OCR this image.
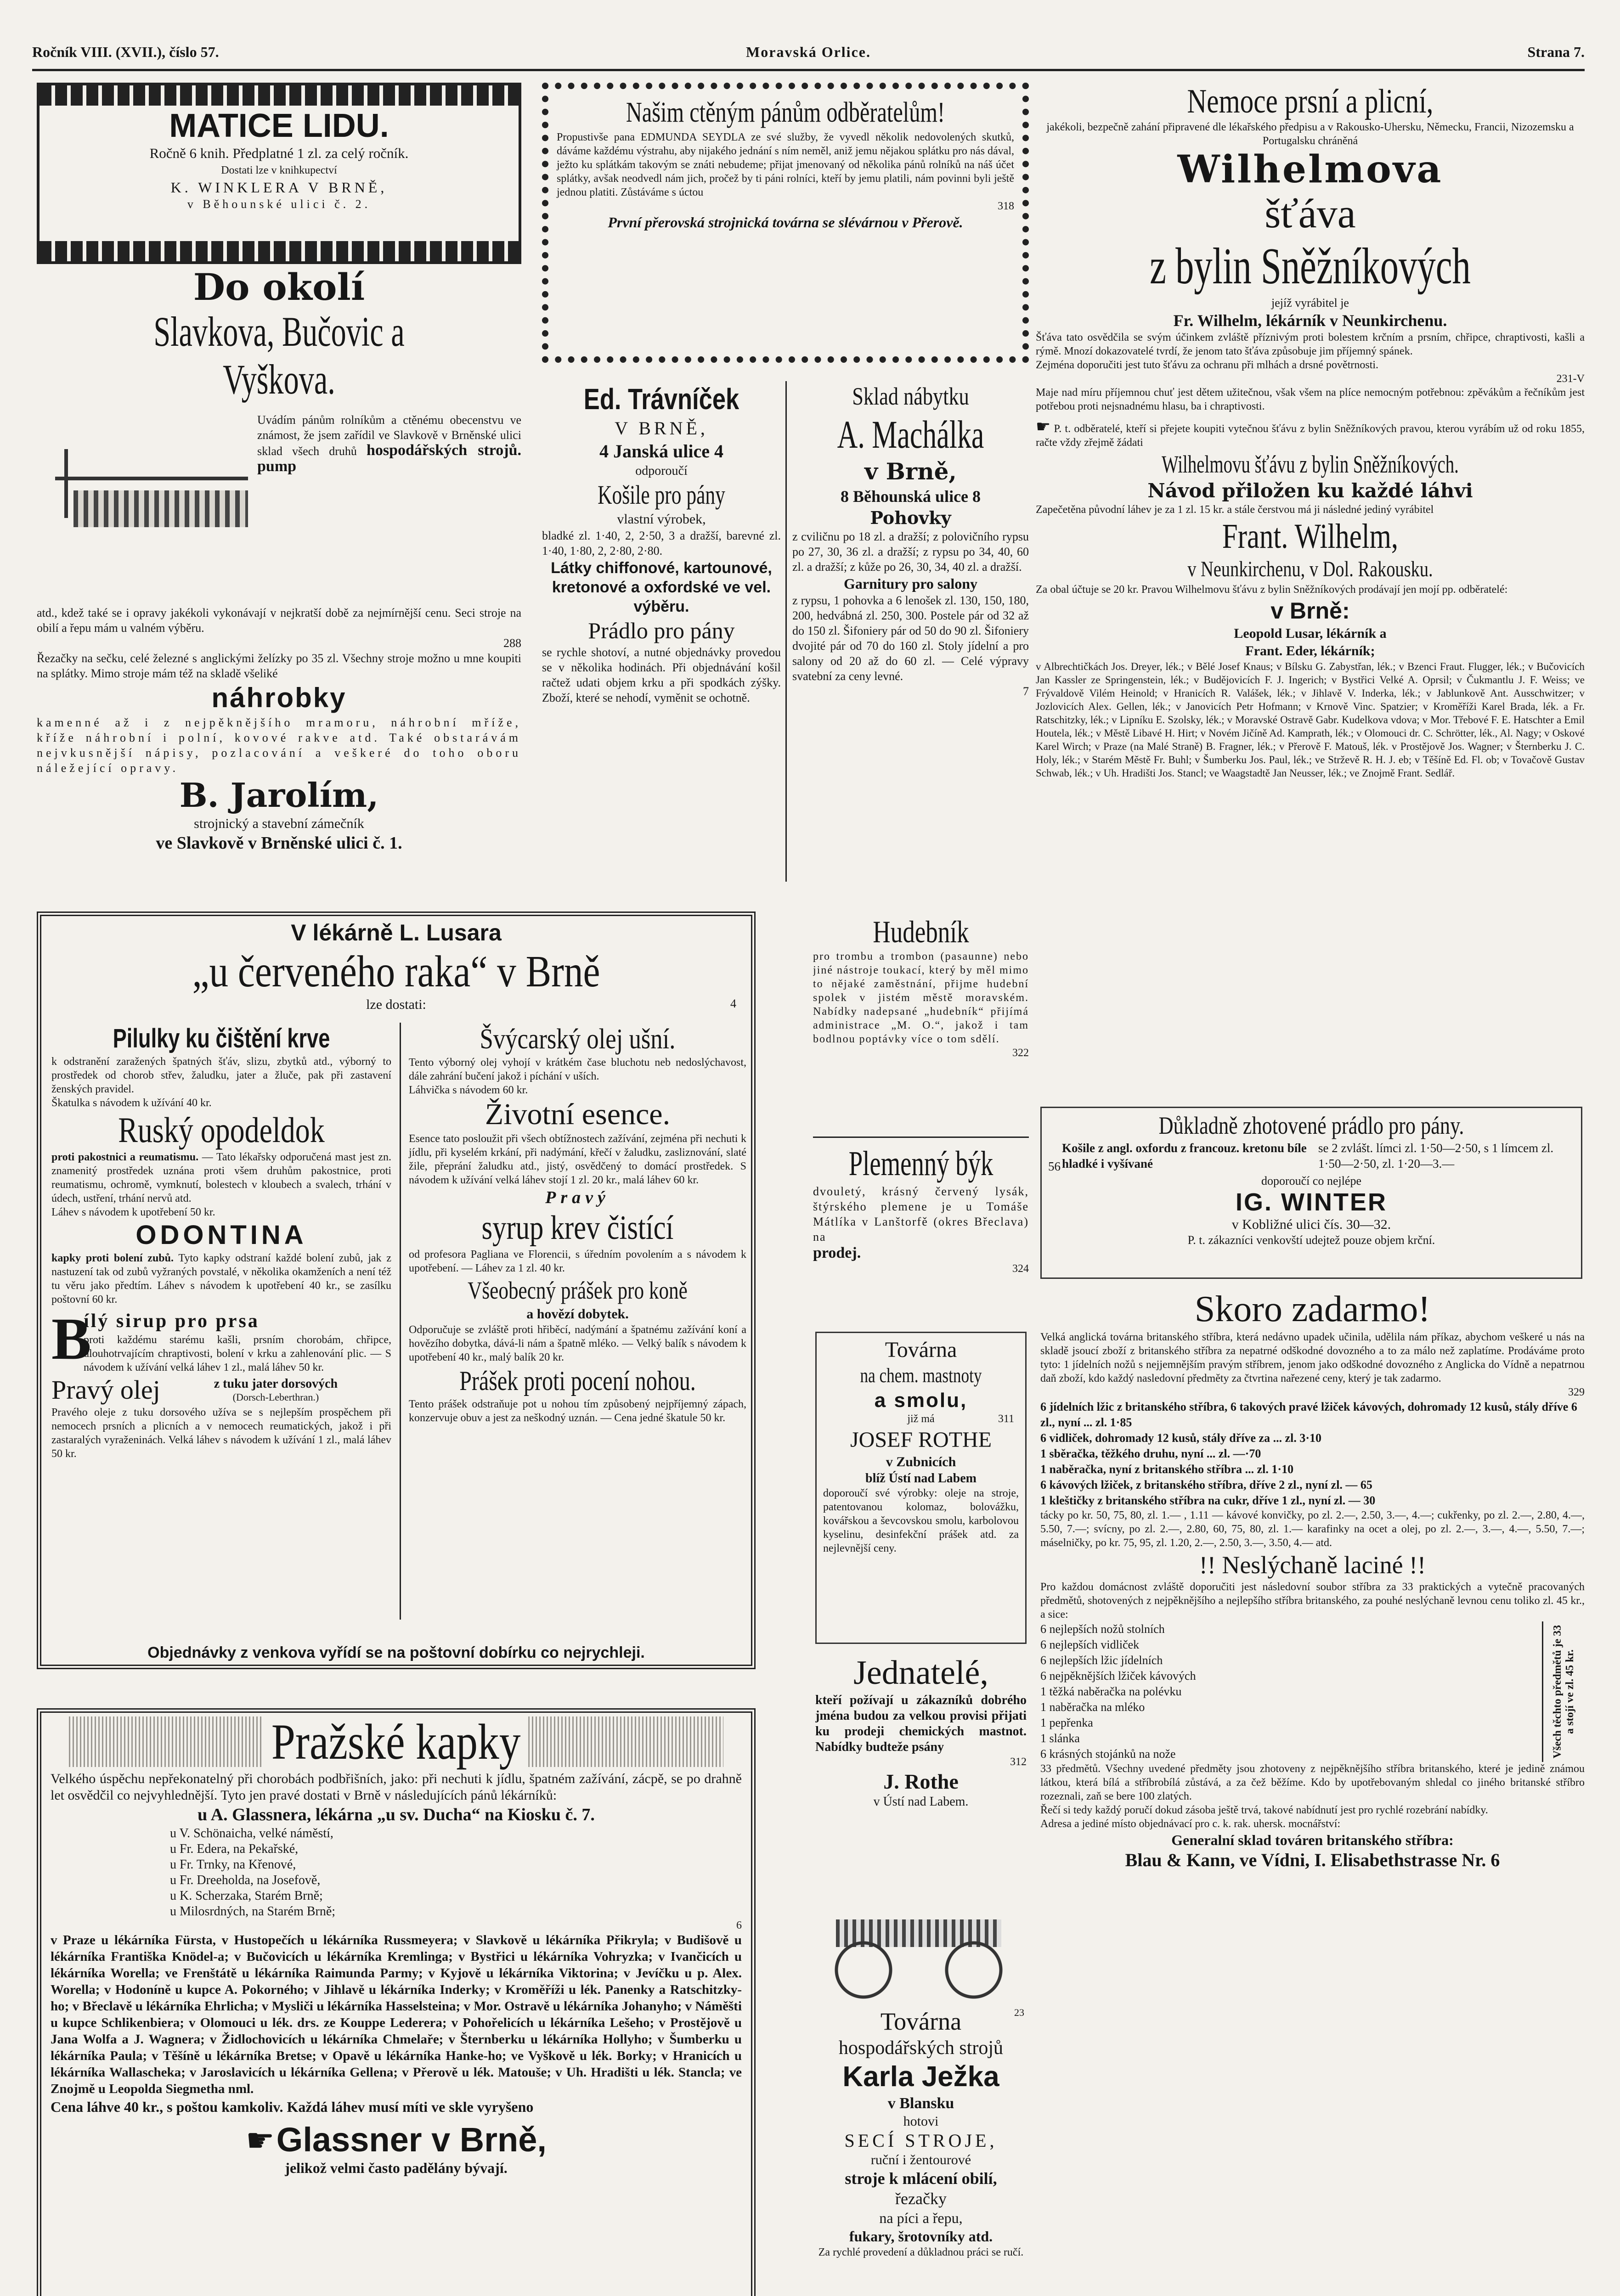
Ročník VIII. (XVII.), číslo 57.	Moravská Orlice.	Strana 7.
MATICE LIDU.
Ročně 6 knih. Předplatné 1 zl. za celý ročník.
Dostati lze v knihkupectví
K. WINKLERA V BRNĚ,
v Běhounské ulici č. 2.
Do okolí
Slavkova, Bučovic a Vyškova.
Uvádím pánům rolníkům a ctěnému obecenstvu ve známost, že jsem zařídil ve Slavkově v Brněnské ulici sklad všech druhů hospodářských strojů. pump
atd., kdež také se i opravy jakékoli vykonávají v nejkratší době za nejmírnější cenu. Seci stroje na obilí a řepu mám u valném výběru.
288
Řezačky na sečku, celé železné s anglickými želízky po 35 zl. Všechny stroje možno u mne koupiti na splátky. Mimo stroje mám též na skladě všeliké
náhrobky
kamenné až i z nejpěknějšího mramoru, náhrobní mříže, kříže náhrobní i polní, kovové rakve atd. Také obstarávám nejvkusnější nápisy, pozlacování a veškeré do toho oboru náležející opravy.
B. Jarolím,
strojnický a stavební zámečník
ve Slavkově v Brněnské ulici č. 1.
Našim ctěným pánům odběratelům!
Propustivše pana EDMUNDA SEYDLA ze své služby, že vyvedl několik nedovolených skutků, dáváme každému výstrahu, aby nijakého jednání s ním neměl, aniž jemu nějakou splátku pro nás dával, ježto ku splátkám takovým se znáti nebudeme; přijat jmenovaný od několika pánů rolníků na náš účet splátky, avšak neodvedl nám jich, pročež by ti páni rolníci, kteří by jemu platili, nám povinni byli ještě jednou platiti. Zůstáváme s úctou
318
První přerovská strojnická továrna se slévárnou v Přerově.
Ed. Trávníček
V BRNĚ,
4 Janská ulice 4
odporoučí
Košile pro pány
vlastní výrobek,
bladké zl. 1·40, 2, 2·50, 3 a dražší, barevné zl. 1·40, 1·80, 2, 2·80, 2·80.
Látky chiffonové, kartounové, kretonové a oxfordské ve vel. výběru.
Prádlo pro pány
se rychle shotoví, a nutné objednávky provedou se v několika hodinách. Při objednávání košil račtež udati objem krku a při spodkách zýšky. Zboží, které se nehodí, vyměnit se ochotně.
Sklad nábytku
A. Machálka
v Brně,
8 Běhounská ulice 8
Pohovky
z cviličnu po 18 zl. a dražší; z polovičního rypsu po 27, 30, 36 zl. a dražší; z rypsu po 34, 40, 60 zl. a dražší; z kůže po 26, 30, 34, 40 zl. a dražší.
Garnitury pro salony
z rypsu, 1 pohovka a 6 lenošek zl. 130, 150, 180, 200, hedvábná zl. 250, 300. Postele pár od 32 až do 150 zl. Šifoniery pár od 50 do 90 zl. Šifoniery dvojité pár od 70 do 160 zl. Stoly jídelní a pro salony od 20 až do 60 zl. — Celé výpravy svatební za ceny levné.
7
Nemoce prsní a plicní,
jakékoli, bezpečně zahání připravené dle lékařského předpisu a v Rakousko-Uhersku, Německu, Francii, Nizozemsku a Portugalsku chráněná
Wilhelmova
šťáva
z bylin Sněžníkových
jejíž vyrábitel je
Fr. Wilhelm, lékárník v Neunkirchenu.
Šťáva tato osvědčila se svým účinkem zvláště příznivým proti bolestem krčním a prsním, chřipce, chraptivosti, kašli a rýmě. Mnozí dokazovatelé tvrdí, že jenom tato šťáva způsobuje jim příjemný spánek.
Zejména doporučiti jest tuto šťávu za ochranu při mlhách a drsné povětrnosti.
231-V
Maje nad míru příjemnou chuť jest dětem užitečnou, však všem na plíce nemocným potřebnou: zpěvákům a řečníkům jest potřebou proti nejsnadnému hlasu, ba i chraptivosti.
☛ P. t. odběratelé, kteří si přejete koupiti vytečnou šťávu z bylin Sněžníkových pravou, kterou vyrábím už od roku 1855, račte vždy zřejmě žádati
Wilhelmovu šťávu z bylin Sněžníkových.
Návod přiložen ku každé láhvi
Zapečetěna původní láhev je za 1 zl. 15 kr. a stále čerstvou má ji následné jediný vyrábitel
Frant. Wilhelm,
v Neunkirchenu, v Dol. Rakousku.
Za obal účtuje se 20 kr. Pravou Wilhelmovu šťávu z bylin Sněžníkových prodávají jen mojí pp. odběratelé:
v Brně:
Leopold Lusar, lékárník a
Frant. Eder, lékárník;
v Albrechtičkách Jos. Dreyer, lék.; v Bělé Josef Knaus; v Bílsku G. Zabystřan, lék.; v Bzenci Fraut. Flugger, lék.; v Bučovicích Jan Kassler ze Springenstein, lék.; v Budějovicích F. J. Ingerich; v Bystřici Velké A. Oprsil; v Čukmantlu J. F. Weiss; ve Frývaldově Vilém Heinold; v Hranicích R. Valášek, lék.; v Jihlavě V. Inderka, lék.; v Jablunkově Ant. Ausschwitzer; v Jozlovicích Alex. Gellen, lék.; v Janovicích Petr Hofmann; v Krnově Vinc. Spatzier; v Kroměříži Karel Brada, lék. a Fr. Ratschitzky, lék.; v Lipníku E. Szolsky, lék.; v Moravské Ostravě Gabr. Kudelkova vdova; v Mor. Třebové F. E. Hatschter a Emil Houtela, lék.; v Městě Libavé H. Hirt; v Novém Jičíně Ad. Kamprath, lék.; v Olomouci dr. C. Schrötter, lék., Al. Nagy; v Oskové Karel Wirch; v Praze (na Malé Straně) B. Fragner, lék.; v Přerově F. Matouš, lék. v Prostějově Jos. Wagner; v Šternberku J. C. Holy, lék.; v Starém Městě Fr. Buhl; v Šumberku Jos. Paul, lék.; ve Strževě R. H. J. eb; v Těšíně Ed. Fl. ob; v Tovačově Gustav Schwab, lék.; v Uh. Hradišti Jos. Stancl; ve Waagstadtě Jan Neusser, lék.; ve Znojmě Frant. Sedlář.
V lékárně L. Lusara
„u červeného raka“ v Brně
lze dostati:	4
Pilulky ku čištění krve
k odstranění zaražených špatných šťáv, slizu, zbytků atd., výborný to prostředek od chorob střev, žaludku, jater a žluče, pak při zastavení ženských pravidel.
Škatulka s návodem k užívání 40 kr.
Ruský opodeldok
proti pakostnici a reumatismu. — Tato lékařsky odporučená mast jest zn. znamenitý prostředek uznána proti všem druhům pakostnice, proti reumatismu, ochromě, vymknutí, bolestech v kloubech a svalech, trhání v údech, ustření, trhání nervů atd.
Láhev s návodem k upotřebení 50 kr.
ODONTINA
kapky proti bolení zubů. Tyto kapky odstraní každé bolení zubů, jak z nastuzení tak od zubů vyžraných povstalé, v několika okamženích a není též tu věru jako předtím. Láhev s návodem k upotřebení 40 kr., se zasílku poštovní 60 kr.
B
ílý sirup pro prsa
proti každému starému kašli, prsním chorobám, chřipce, dlouhotrvajícím chraptivosti, bolení v krku a zahlenování plic. — S návodem k užívání velká láhev 1 zl., malá láhev 50 kr.
Pravý olej	z tuku jater dorsových
(Dorsch-Leberthran.)
Pravého oleje z tuku dorsového užíva se s nejlepším prospěchem při nemocech prsních a plicních a v nemocech reumatických, jakož i při zastaralých vyraženinách. Velká láhev s návodem k užívání 1 zl., malá láhev 50 kr.
Švýcarský olej ušní.
Tento výborný olej vyhojí v krátkém čase bluchotu neb nedoslýchavost, dále zahrání bučení jakož i píchání v uších.
Láhvička s návodem 60 kr.
Životní esence.
Esence tato posloužit při všech obtížnostech zažívání, zejména při nechuti k jídlu, při kyselém krkání, při nadýmání, křečí v žaludku, zasliznování, slaté žile, přeprání žaludku atd., jistý, osvědčený to domácí prostředek. S návodem k užívání velká láhev stojí 1 zl. 20 kr., malá láhev 60 kr.
Pravý
syrup krev čistící
od profesora Pagliana ve Florencii, s úředním povolením a s návodem k upotřebení. — Láhev za 1 zl. 40 kr.
Všeobecný prášek pro koně
a hovězí dobytek.
Odporučuje se zvláště proti hřiběcí, nadýmání a špatnému zažívání koní a hovězího dobytka, dává-li nám a špatně mléko. — Velký balík s návodem k upotřebení 40 kr., malý balík 20 kr.
Prášek proti pocení nohou.
Tento prášek odstraňuje pot u nohou tím způsobený nejpříjemný zápach, konzervuje obuv a jest za neškodný uznán. — Cena jedné škatule 50 kr.
Objednávky z venkova vyřídí se na poštovní dobírku co nejrychleji.
Pražské kapky
Velkého úspěchu nepřekonatelný při chorobách podbřišních, jako: při nechuti k jídlu, špatném zažívání, zácpě, se po drahně let osvědčil co nejvyhlednější. Tyto jen pravé dostati v Brně v následujících pánů lékárníků:
u A. Glassnera, lékárna „u sv. Ducha“ na Kiosku č. 7.
u V. Schönaicha, velké náměstí,
u Fr. Edera, na Pekařské,
u Fr. Trnky, na Křenové,
u Fr. Dreeholda, na Josefově,
u K. Scherzaka, Starém Brně;
u Milosrdných, na Starém Brně;
6
v Praze u lékárníka Fürsta, v Hustopečích u lékárníka Russmeyera; v Slavkově u lékárníka Přikryla; v Budišově u lékárníka Františka Knödel-a; v Bučovicích u lékárníka Kremlinga; v Bystřici u lékárníka Vohryzka; v Ivančicích u lékárníka Worella; ve Frenštátě u lékárníka Raimunda Parmy; v Kyjově u lékárníka Viktorina; v Jevíčku u p. Alex. Worella; v Hodoníně u kupce A. Pokorného; v Jihlavě u lékárníka Inderky; v Kroměříži u lék. Panenky a Ratschitzky-ho; v Břeclavě u lékárníka Ehrlicha; v Mysliči u lékárníka Hasselsteina; v Mor. Ostravě u lékárníka Johanyho; v Náměšti u kupce Schlikenbiera; v Olomouci u lék. drs. ze Kouppe Lederera; v Pohořelicích u lékárníka Lešeho; v Prostějově u Jana Wolfa a J. Wagnera; v Židlochovicích u lékárníka Chmelaře; v Šternberku u lékárníka Hollyho; v Šumberku u lékárníka Paula; v Těšíně u lékárníka Bretse; v Opavě u lékárníka Hanke-ho; ve Vyškově u lék. Borky; v Hranicích u lékárníka Wallascheka; v Jaroslavicích u lékárníka Gellena; v Přerově u lék. Matouše; v Uh. Hradišti u lék. Stancla; ve Znojmě u Leopolda Siegmetha nml.
Cena láhve 40 kr., s poštou kamkoliv. Každá láhev musí míti ve skle vyryšeno
☛ Glassner v Brně,
jelikož velmi často padělány bývají.
Hudebník
pro trombu a trombon (pasaunne) nebo jiné nástroje toukací, který by měl mimo to nějaké zaměstnání, přijme hudební spolek v jistém městě moravském. Nabídky nadepsané „hudebník“ přijímá administrace „M. O.“, jakož i tam bodlnou poptávky více o tom sdělí.
322
Plemenný býk
dvouletý, krásný červený lysák, štýrského plemene je u Tomáše Mátlíka v Lanštorfě (okres Břeclava) na
prodej.
324
Továrna
na chem. mastnoty
a smolu,
již má	311
JOSEF ROTHE
v Zubnicích
blíž Ústí nad Labem
doporoučí své výrobky: oleje na stroje, patentovanou kolomaz, bolovážku, kovářskou a ševcovskou smolu, karbolovou kyselinu, desinfekční prášek atd. za nejlevnější ceny.
Jednatelé,
kteří požívají u zákazníků dobrého jména budou za velkou provisi přijati ku prodeji chemických mastnot. Nabídky budteže psány
312
J. Rothe
v Ústí nad Labem.
Továrna	23
hospodářských strojů
Karla Ježka
v Blansku
hotovi
SECÍ STROJE,
ruční i žentourové
stroje k mlácení obilí,
řezačky
na píci a řepu,
fukary, šrotovníky atd.
Za rychlé provedení a důkladnou práci se ručí.
Důkladně zhotovené prádlo pro pány.
56
Košile z angl. oxfordu z francouz. kretonu bíle hladké i vyšívané
se 2 zvlášt. límci zl. 1·50—2·50, s 1 límcem zl. 1·50—2·50, zl. 1·20—3.—
doporoučí co nejlépe
IG. WINTER
v Kobližné ulici čís. 30—32.
P. t. zákazníci venkovští udejtež pouze objem krční.
Skoro zadarmo!
Velká anglická továrna britanského stříbra, která nedávno upadek učinila, udělila nám příkaz, abychom veškeré u nás na skladě jsoucí zboží z britanského stříbra za nepatrné odškodné dovozného a to za málo než zaplatíme. Prodáváme proto tyto: 1 jídelních nožů s nejjemnějším pravým stříbrem, jenom jako odškodné dovozného z Anglicka do Vídně a nepatrnou daň zboží, kdo každý nasledovní předměty za čtvrtina nařezené ceny, který je tak zadarmo.
329
6 jídelních lžic z britanského stříbra, 6 takových pravé lžiček kávových, dohromady 12 kusů, stály dříve 6 zl., nyní ... zl. 1·85
6 vidliček, dohromady 12 kusů, stály dříve za ... zl. 3·10
1 sběračka, těžkého druhu, nyní ... zl. —·70
1 naběračka, nyní z britanského stříbra ... zl. 1·10
6 kávových lžiček, z britanského stříbra, dříve 2 zl., nyní zl. — 65
1 kleštičky z britanského stříbra na cukr, dříve 1 zl., nyní zl. — 30
tácky po kr. 50, 75, 80, zl. 1.— , 1.11 — kávové konvičky, po zl. 2.—, 2.50, 3.—, 4.—; cukřenky, po zl. 2.—, 2.80, 4.—, 5.50, 7.—; svícny, po zl. 2.—, 2.80, 60, 75, 80, zl. 1.— karafinky na ocet a olej, po zl. 2.—, 3.—, 4.—, 5.50, 7.—; máselničky, po kr. 75, 95, zl. 1.20, 2.—, 2.50, 3.—, 3.50, 4.— atd.
!! Neslýchaně laciné !!
Pro každou domácnost zvláště doporučiti jest následovní soubor stříbra za 33 praktických a vytečně pracovaných předmětů, shotovených z nejpěknějšího a nejlepšího stříbra britanského, za pouhé neslýchaně levnou cenu toliko zl. 45 kr., a sice:
6 nejlepších nožů stolních
6 nejlepších vidliček
6 nejlepších lžic jídelních
6 nejpěknějších lžiček kávových
1 těžká naběračka na polévku
1 naběračka na mléko
1 pepřenka
1 slánka
6 krásných stojánků na nože	Všech těchto předmětů je 33 a stojí ve zl. 45 kr.
33 předmětů. Všechny uvedené předměty jsou zhotoveny z nejpěknějšího stříbra britanského, které je jedině známou látkou, která bílá a stříbrobílá zůstává, a za čež běžíme. Kdo by upotřebovaným shledal co jiného britanské stříbro rozeznali, zaň se bere 100 zlatých.
Řečí si tedy každý poručí dokud zásoba ještě trvá, takové nabídnutí jest pro rychlé rozebrání nabídky.
Adresa a jediné místo objednávací pro c. k. rak. uhersk. mocnářství:
Generalní sklad továren britanského stříbra:
Blau & Kann, ve Vídni, I. Elisabethstrasse Nr. 6
